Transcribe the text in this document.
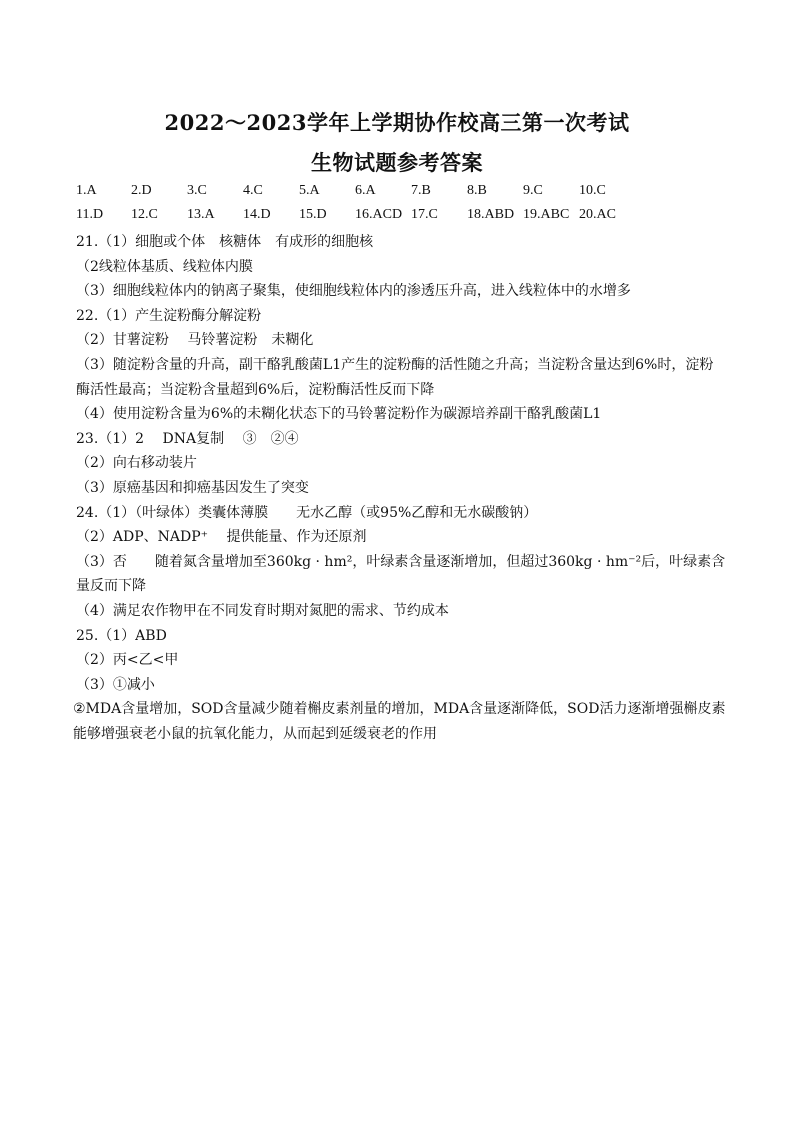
2022～2023学年上学期协作校高三第一次考试
生物试题参考答案
1.A 2.D	3.C	4.C	5.A	6.A	7.B	8.B	9.C	10.C
11.D 12.C 13.A 14.D 15.D 16.ACD 17.C 18.ABD 19.ABC 20.AC
21.（1）细胞或个体　核糖体　有成形的细胞核
（2线粒体基质、线粒体内膜
（3）细胞线粒体内的钠离子聚集，使细胞线粒体内的渗透压升高，进入线粒体中的水增多
22.（1）产生淀粉酶分解淀粉
（2）甘薯淀粉　 马铃薯淀粉　未糊化
（3）随淀粉含量的升高，副干酪乳酸菌L1产生的淀粉酶的活性随之升高；当淀粉含量达到6%时，淀粉酶活性最高；当淀粉含量超到6%后，淀粉酶活性反而下降
（4）使用淀粉含量为6%的未糊化状态下的马铃薯淀粉作为碳源培养副干酪乳酸菌L1
23.（1）2　 DNA复制　 ③　②④
（2）向右移动装片
（3）原癌基因和抑癌基因发生了突变
24.（1）（叶绿体）类囊体薄膜　　无水乙醇（或95%乙醇和无水碳酸钠）
（2）ADP、NADP⁺　 提供能量、作为还原剂
（3）否　　随着氮含量增加至360kg · hm²，叶绿素含量逐渐增加，但超过360kg · hm⁻²后，叶绿素含量反而下降
（4）满足农作物甲在不同发育时期对氮肥的需求、节约成本
25.（1）ABD
（2）丙<乙<甲
（3）①减小
②MDA含量增加，SOD含量减少随着槲皮素剂量的增加，MDA含量逐渐降低，SOD活力逐渐增强槲皮素能够增强衰老小鼠的抗氧化能力，从而起到延缓衰老的作用
